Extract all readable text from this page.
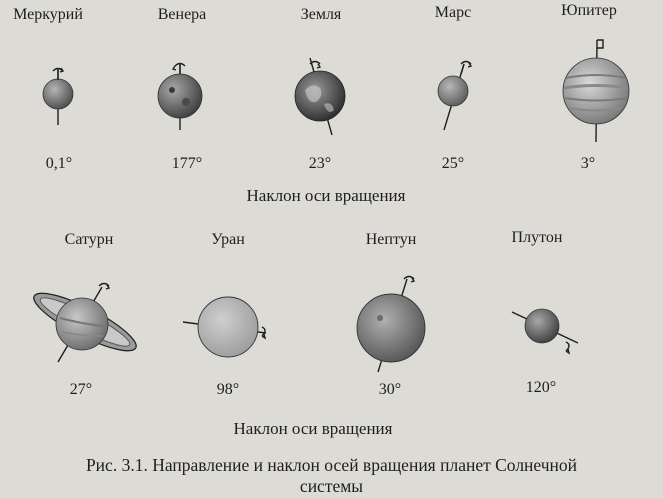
Меркурий	Венера	Земля	Марс	Юпитер
0,1°	177°	23°	25°	3°
Наклон оси вращения
Сатурн	Уран	Нептун	Плутон
27°	98°	30°	120°
Наклон оси вращения
Рис. 3.1. Направление и наклон осей вращения планет Солнечной
системы
